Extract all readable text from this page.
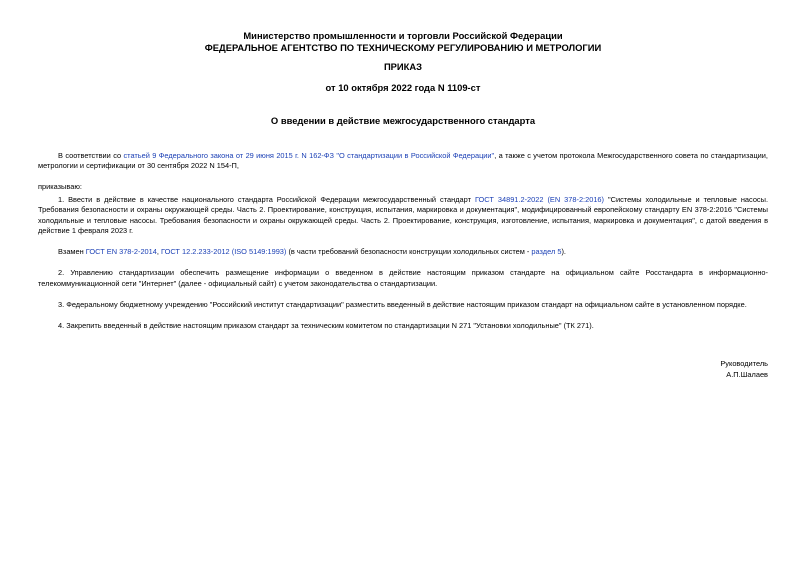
Министерство промышленности и торговли Российской Федерации
ФЕДЕРАЛЬНОЕ АГЕНТСТВО ПО ТЕХНИЧЕСКОМУ РЕГУЛИРОВАНИЮ И МЕТРОЛОГИИ
ПРИКАЗ
от 10 октября 2022 года N 1109-ст
О введении в действие межгосударственного стандарта

В соответствии со статьей 9 Федерального закона от 29 июня 2015 г. N 162-ФЗ "О стандартизации в Российской Федерации", а также с учетом протокола Межгосударственного совета по стандартизации, метрологии и сертификации от 30 сентября 2022 N 154-П,

приказываю:

1. Ввести в действие в качестве национального стандарта Российской Федерации межгосударственный стандарт ГОСТ 34891.2-2022 (EN 378-2:2016) "Системы холодильные и тепловые насосы. Требования безопасности и охраны окружающей среды. Часть 2. Проектирование, конструкция, испытания, маркировка и документация", модифицированный европейскому стандарту EN 378-2:2016 "Системы холодильные и тепловые насосы. Требования безопасности и охраны окружающей среды. Часть 2. Проектирование, конструкция, изготовление, испытания, маркировка и документация", с датой введения в действие 1 февраля 2023 г.

Взамен ГОСТ EN 378-2-2014, ГОСТ 12.2.233-2012 (ISO 5149:1993) (в части требований безопасности конструкции холодильных систем - раздел 5).

2. Управлению стандартизации обеспечить размещение информации о введенном в действие настоящим приказом стандарте на официальном сайте Росстандарта в информационно-телекоммуникационной сети "Интернет" (далее - официальный сайт) с учетом законодательства о стандартизации.

3. Федеральному бюджетному учреждению "Российский институт стандартизации" разместить введенный в действие настоящим приказом стандарт на официальном сайте в установленном порядке.

4. Закрепить введенный в действие настоящим приказом стандарт за техническим комитетом по стандартизации N 271 "Установки холодильные" (ТК 271).

Руководитель
А.П.Шалаев
